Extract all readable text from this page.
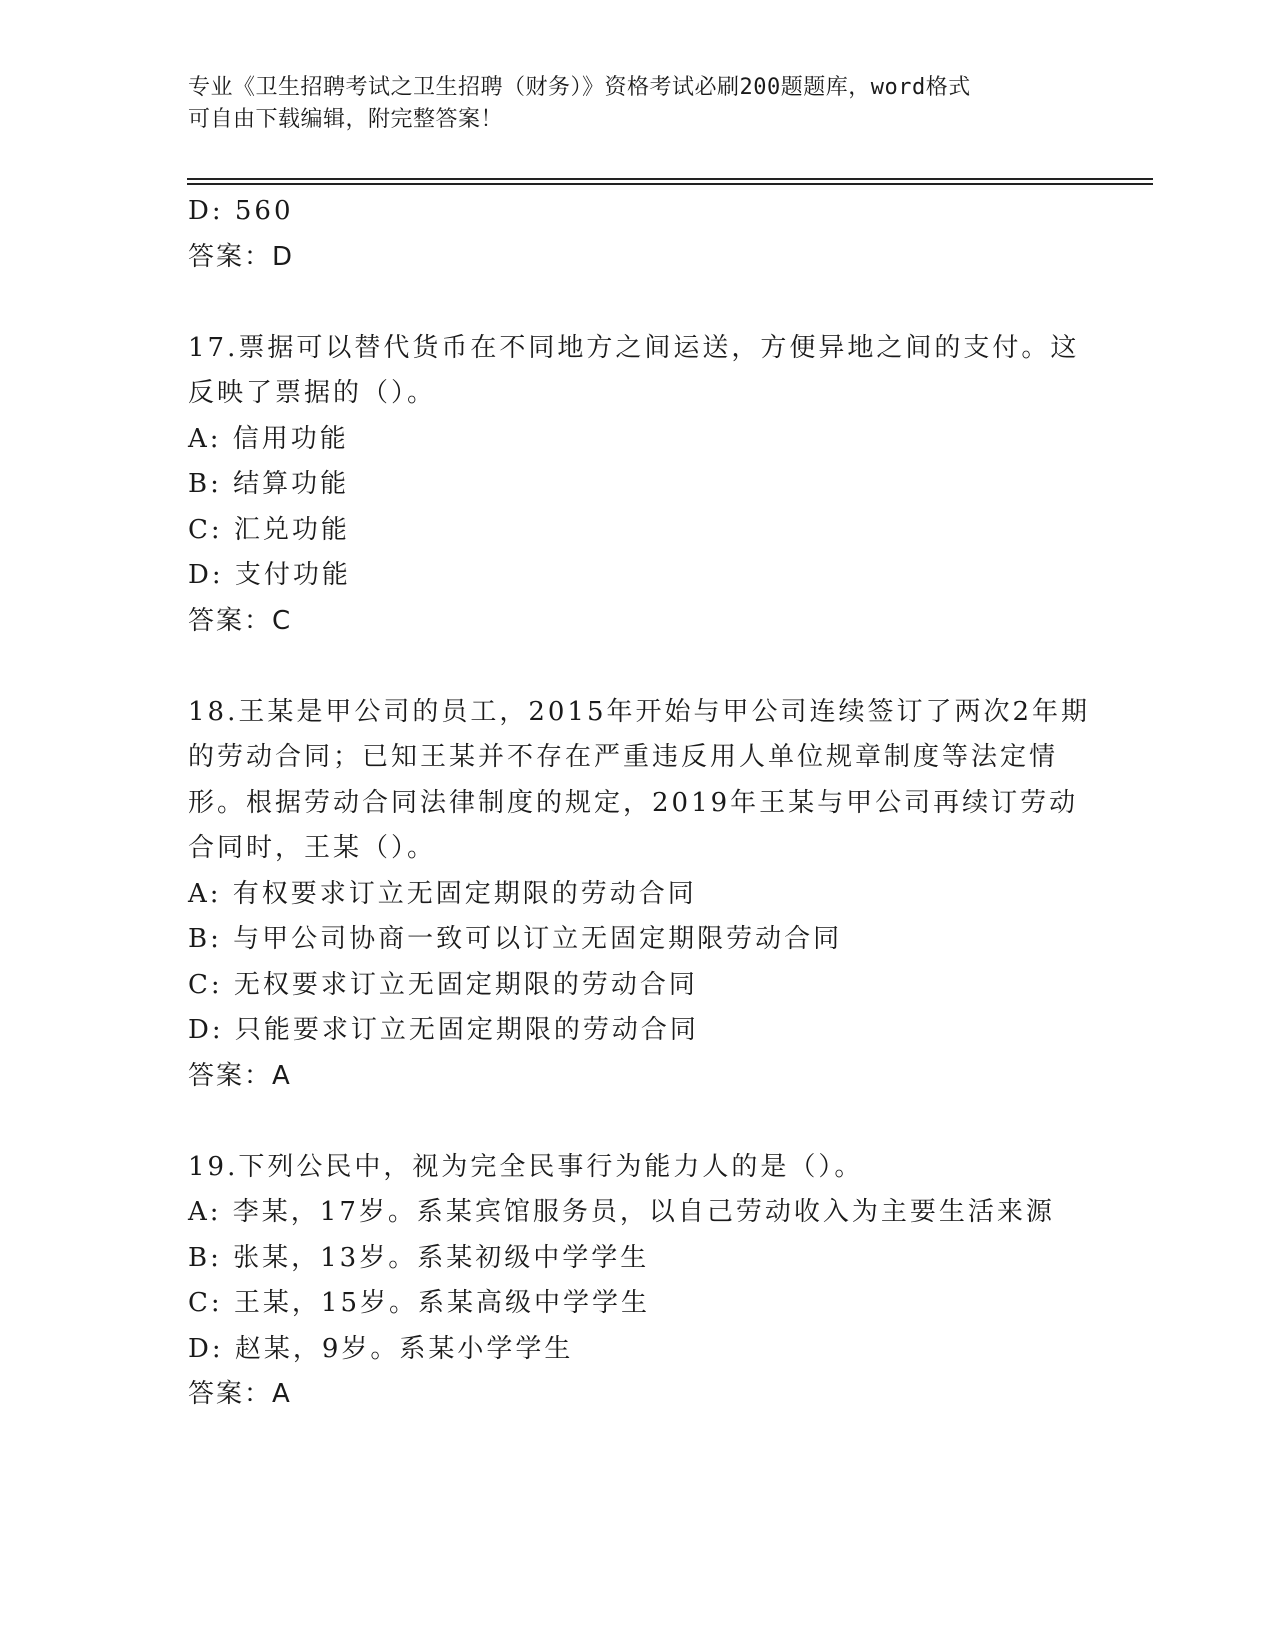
专业《卫生招聘考试之卫生招聘（财务）》资格考试必刷200题题库，word格式
可自由下载编辑，附完整答案！
D: 560
答案：D
17.票据可以替代货币在不同地方之间运送，方便异地之间的支付。这
反映了票据的（）。
A: 信用功能
B: 结算功能
C: 汇兑功能
D: 支付功能
答案：C
18.王某是甲公司的员工，2015年开始与甲公司连续签订了两次2年期
的劳动合同；已知王某并不存在严重违反用人单位规章制度等法定情
形。根据劳动合同法律制度的规定，2019年王某与甲公司再续订劳动
合同时，王某（）。
A: 有权要求订立无固定期限的劳动合同
B: 与甲公司协商一致可以订立无固定期限劳动合同
C: 无权要求订立无固定期限的劳动合同
D: 只能要求订立无固定期限的劳动合同
答案：A
19.下列公民中，视为完全民事行为能力人的是（）。
A: 李某，17岁。系某宾馆服务员，以自己劳动收入为主要生活来源
B: 张某，13岁。系某初级中学学生
C: 王某，15岁。系某高级中学学生
D: 赵某，9岁。系某小学学生
答案：A
